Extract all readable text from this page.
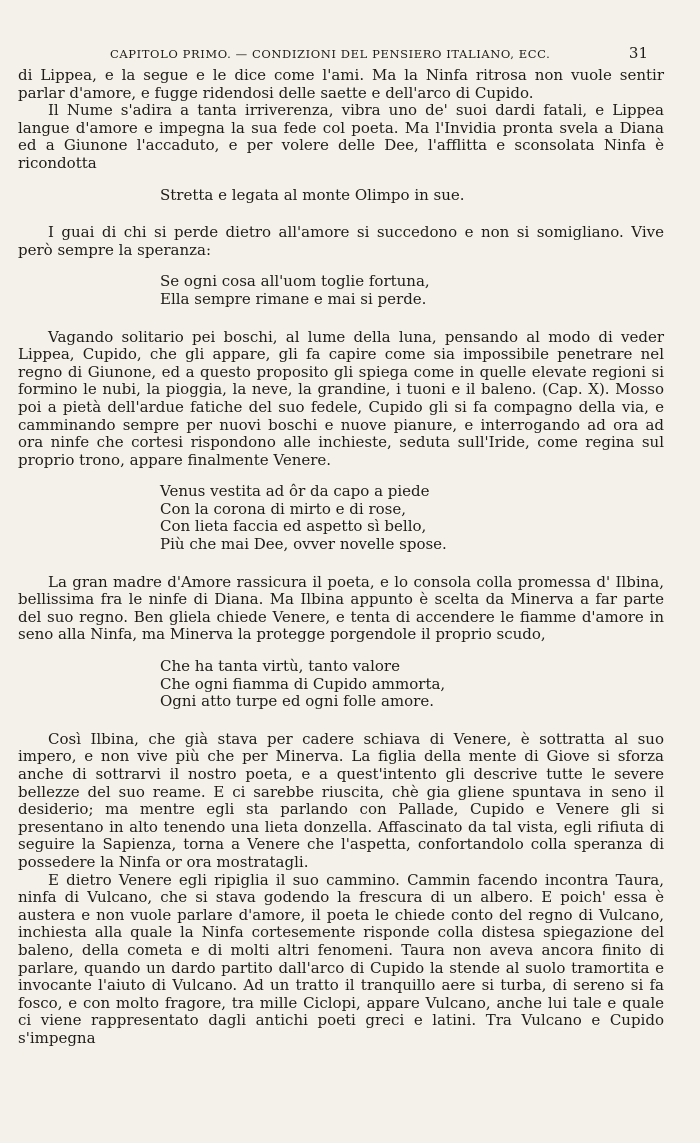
CAPITOLO PRIMO. — CONDIZIONI DEL PENSIERO ITALIANO, ECC.	31

di Lippea, e la segue e le dice come l'ami. Ma la Ninfa ritrosa non vuole sentir parlar d'amore, e fugge ridendosi delle saette e dell'arco di Cupido.

Il Nume s'adira a tanta irriverenza, vibra uno de' suoi dardi fatali, e Lippea langue d'amore e impegna la sua fede col poeta. Ma l'Invidia pronta svela a Diana ed a Giunone l'accaduto, e per volere delle Dee, l'afflitta e sconsolata Ninfa è ricondotta

Stretta e legata al monte Olimpo in sue.

I guai di chi si perde dietro all'amore si succedono e non si somigliano. Vive però sempre la speranza:

Se ogni cosa all'uom toglie fortuna,
Ella sempre rimane e mai si perde.

Vagando solitario pei boschi, al lume della luna, pensando al modo di veder Lippea, Cupido, che gli appare, gli fa capire come sia impossibile penetrare nel regno di Giunone, ed a questo proposito gli spiega come in quelle elevate regioni si formino le nubi, la pioggia, la neve, la grandine, i tuoni e il baleno. (Cap. X). Mosso poi a pietà dell'ardue fatiche del suo fedele, Cupido gli si fa compagno della via, e camminando sempre per nuovi boschi e nuove pianure, e interrogando ad ora ad ora ninfe che cortesi rispondono alle inchieste, seduta sull'Iride, come regina sul proprio trono, appare finalmente Venere.

Venus vestita ad ôr da capo a piede
Con la corona di mirto e di rose,
Con lieta faccia ed aspetto sì bello,
Più che mai Dee, ovver novelle spose.

La gran madre d'Amore rassicura il poeta, e lo consola colla promessa d' Ilbina, bellissima fra le ninfe di Diana. Ma Ilbina appunto è scelta da Minerva a far parte del suo regno. Ben gliela chiede Venere, e tenta di accendere le fiamme d'amore in seno alla Ninfa, ma Minerva la protegge porgendole il proprio scudo,

Che ha tanta virtù, tanto valore
Che ogni fiamma di Cupido ammorta,
Ogni atto turpe ed ogni folle amore.

Così Ilbina, che già stava per cadere schiava di Venere, è sottratta al suo impero, e non vive più che per Minerva. La figlia della mente di Giove si sforza anche di sottrarvi il nostro poeta, e a quest'intento gli descrive tutte le severe bellezze del suo reame. E ci sarebbe riuscita, chè gia gliene spuntava in seno il desiderio; ma mentre egli sta parlando con Pallade, Cupido e Venere gli si presentano in alto tenendo una lieta donzella. Affascinato da tal vista, egli rifiuta di seguire la Sapienza, torna a Venere che l'aspetta, confortandolo colla speranza di possedere la Ninfa or ora mostratagli.

E dietro Venere egli ripiglia il suo cammino. Cammin facendo incontra Taura, ninfa di Vulcano, che si stava godendo la frescura di un albero. E poich' essa è austera e non vuole parlare d'amore, il poeta le chiede conto del regno di Vulcano, inchiesta alla quale la Ninfa cortesemente risponde colla distesa spiegazione del baleno, della cometa e di molti altri fenomeni. Taura non aveva ancora finito di parlare, quando un dardo partito dall'arco di Cupido la stende al suolo tramortita e invocante l'aiuto di Vulcano. Ad un tratto il tranquillo aere si turba, di sereno si fa fosco, e con molto fragore, tra mille Ciclopi, appare Vulcano, anche lui tale e quale ci viene rappresentato dagli antichi poeti greci e latini. Tra Vulcano e Cupido s'impegna
